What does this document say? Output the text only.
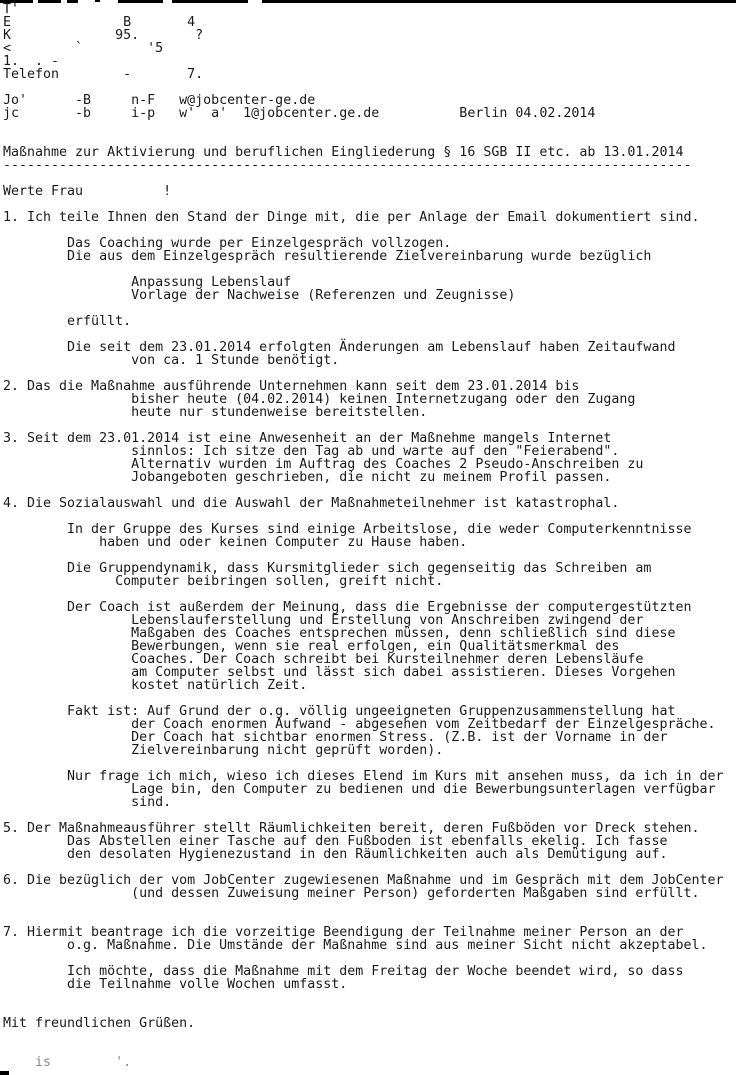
T'
E              B       4
K             95.       ?
<        `        '5
1.  . -
Telefon        -       7.
Jo'      -B     n-F   w@jobcenter-ge.de
jc       -b     i-p   w'  a'  1@jobcenter.ge.de          Berlin 04.02.2014
Maßnahme zur Aktivierung und beruflichen Eingliederung § 16 SGB II etc. ab 13.01.2014
--------------------------------------------------------------------------------------
Werte Frau          !
1. Ich teile Ihnen den Stand der Dinge mit, die per Anlage der Email dokumentiert sind.
Das Coaching wurde per Einzelgespräch vollzogen.
Die aus dem Einzelgespräch resultierende Zielvereinbarung wurde bezüglich
Anpassung Lebenslauf
Vorlage der Nachweise (Referenzen und Zeugnisse)
erfüllt.
Die seit dem 23.01.2014 erfolgten Änderungen am Lebenslauf haben Zeitaufwand
von ca. 1 Stunde benötigt.
2. Das die Maßnahme ausführende Unternehmen kann seit dem 23.01.2014 bis
bisher heute (04.02.2014) keinen Internetzugang oder den Zugang
heute nur stundenweise bereitstellen.
3. Seit dem 23.01.2014 ist eine Anwesenheit an der Maßnehme mangels Internet
sinnlos: Ich sitze den Tag ab und warte auf den "Feierabend".
Alternativ wurden im Auftrag des Coaches 2 Pseudo-Anschreiben zu
Jobangeboten geschrieben, die nicht zu meinem Profil passen.
4. Die Sozialauswahl und die Auswahl der Maßnahmeteilnehmer ist katastrophal.
In der Gruppe des Kurses sind einige Arbeitslose, die weder Computerkenntnisse
haben und oder keinen Computer zu Hause haben.
Die Gruppendynamik, dass Kursmitglieder sich gegenseitig das Schreiben am
Computer beibringen sollen, greift nicht.
Der Coach ist außerdem der Meinung, dass die Ergebnisse der computergestützten
Lebenslauferstellung und Erstellung von Anschreiben zwingend der
Maßgaben des Coaches entsprechen müssen, denn schließlich sind diese
Bewerbungen, wenn sie real erfolgen, ein Qualitätsmerkmal des
Coaches. Der Coach schreibt bei Kursteilnehmer deren Lebensläufe
am Computer selbst und lässt sich dabei assistieren. Dieses Vorgehen
kostet natürlich Zeit.
Fakt ist: Auf Grund der o.g. völlig ungeeigneten Gruppenzusammenstellung hat
der Coach enormen Aufwand - abgesehen vom Zeitbedarf der Einzelgespräche.
Der Coach hat sichtbar enormen Stress. (Z.B. ist der Vorname in der
Zielvereinbarung nicht geprüft worden).
Nur frage ich mich, wieso ich dieses Elend im Kurs mit ansehen muss, da ich in der
Lage bin, den Computer zu bedienen und die Bewerbungsunterlagen verfügbar
sind.
5. Der Maßnahmeausführer stellt Räumlichkeiten bereit, deren Fußböden vor Dreck stehen.
Das Abstellen einer Tasche auf den Fußboden ist ebenfalls ekelig. Ich fasse
den desolaten Hygienezustand in den Räumlichkeiten auch als Demütigung auf.
6. Die bezüglich der vom JobCenter zugewiesenen Maßnahme und im Gespräch mit dem JobCenter
(und dessen Zuweisung meiner Person) geforderten Maßgaben sind erfüllt.
7. Hiermit beantrage ich die vorzeitige Beendigung der Teilnahme meiner Person an der
o.g. Maßnahme. Die Umstände der Maßnahme sind aus meiner Sicht nicht akzeptabel.
Ich möchte, dass die Maßnahme mit dem Freitag der Woche beendet wird, so dass
die Teilnahme volle Wochen umfasst.
Mit freundlichen Grüßen.
is        '.
